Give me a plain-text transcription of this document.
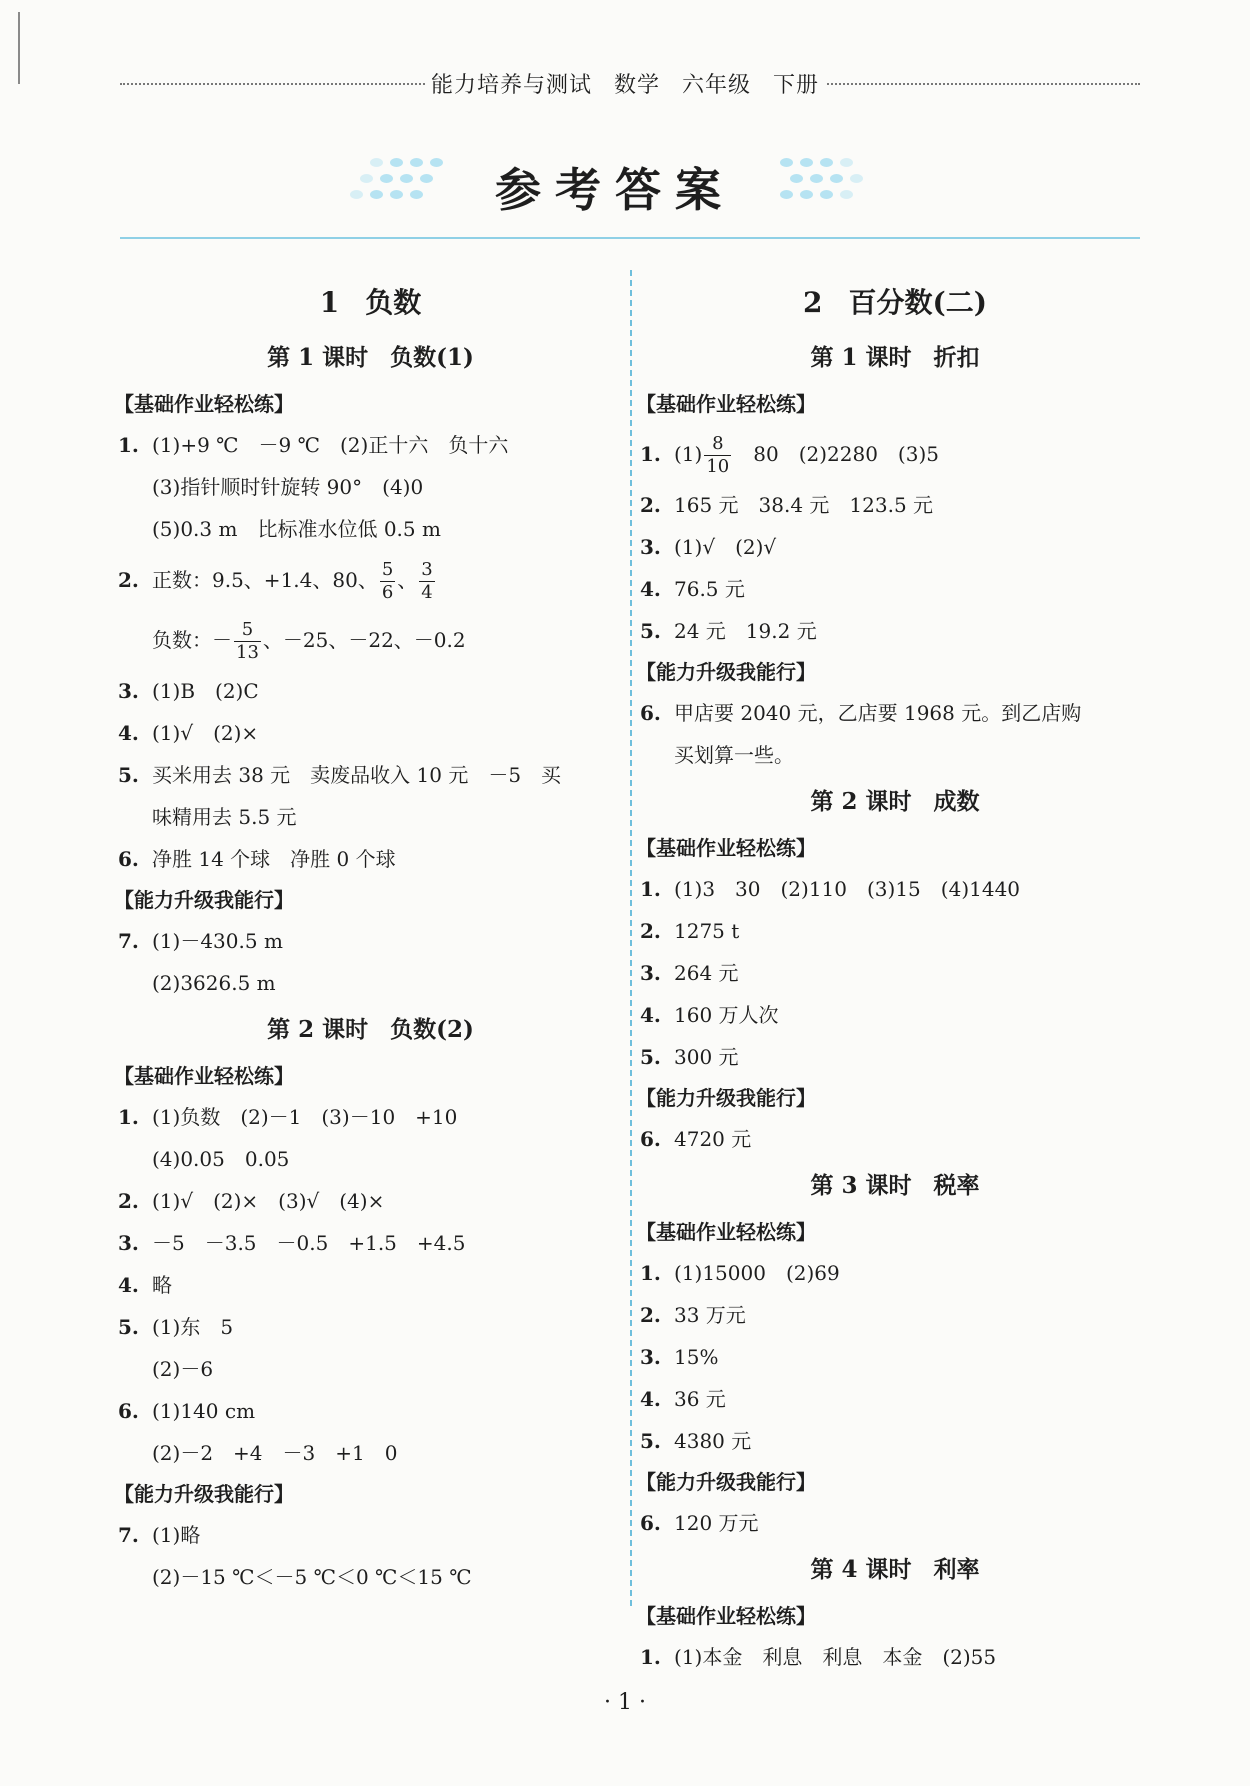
能力培养与测试 数学 六年级 下册
参考答案
1 负数
第 1 课时 负数(1)
【基础作业轻松练】
1. (1)+9 ℃　－9 ℃　(2)正十六　负十六
(3)指针顺时针旋转 90°　(4)0
(5)0.3 m　比标准水位低 0.5 m
2. 正数：9.5、+1.4、80、 $\frac{5}{6}$ 、 $\frac{3}{4}$
负数：－ $\frac{5}{13}$ 、－25、－22、－0.2
3. (1)B　(2)C
4. (1)√　(2)×
5. 买米用去 38 元　卖废品收入 10 元　－5　买
味精用去 5.5 元
6. 净胜 14 个球　净胜 0 个球
【能力升级我能行】
7. (1)－430.5 m
(2)3626.5 m
第 2 课时 负数(2)
【基础作业轻松练】
1. (1)负数　(2)－1　(3)－10　+10
(4)0.05　0.05
2. (1)√　(2)×　(3)√　(4)×
3. －5　－3.5　－0.5　+1.5　+4.5
4. 略
5. (1)东　5
(2)－6
6. (1)140 cm
(2)－2　+4　－3　+1　0
【能力升级我能行】
7. (1)略
(2)－15 ℃＜－5 ℃＜0 ℃＜15 ℃
2 百分数(二)
第 1 课时 折扣
【基础作业轻松练】
1. $(1) \frac{8}{10}$ 　80　(2)2280　(3)5
2. 165 元　38.4 元　123.5 元
3. (1)√　(2)√
4. 76.5 元
5. 24 元　19.2 元
【能力升级我能行】
6. 甲店要 2040 元，乙店要 1968 元。到乙店购
买划算一些。
第 2 课时 成数
【基础作业轻松练】
1. (1)3　30　(2)110　(3)15　(4)1440
2. 1275 t
3. 264 元
4. 160 万人次
5. 300 元
【能力升级我能行】
6. 4720 元
第 3 课时 税率
【基础作业轻松练】
1. (1)15000　(2)69
2. 33 万元
3. 15%
4. 36 元
5. 4380 元
【能力升级我能行】
6. 120 万元
第 4 课时 利率
【基础作业轻松练】
1. (1)本金　利息　利息　本金　(2)55
· 1 ·
